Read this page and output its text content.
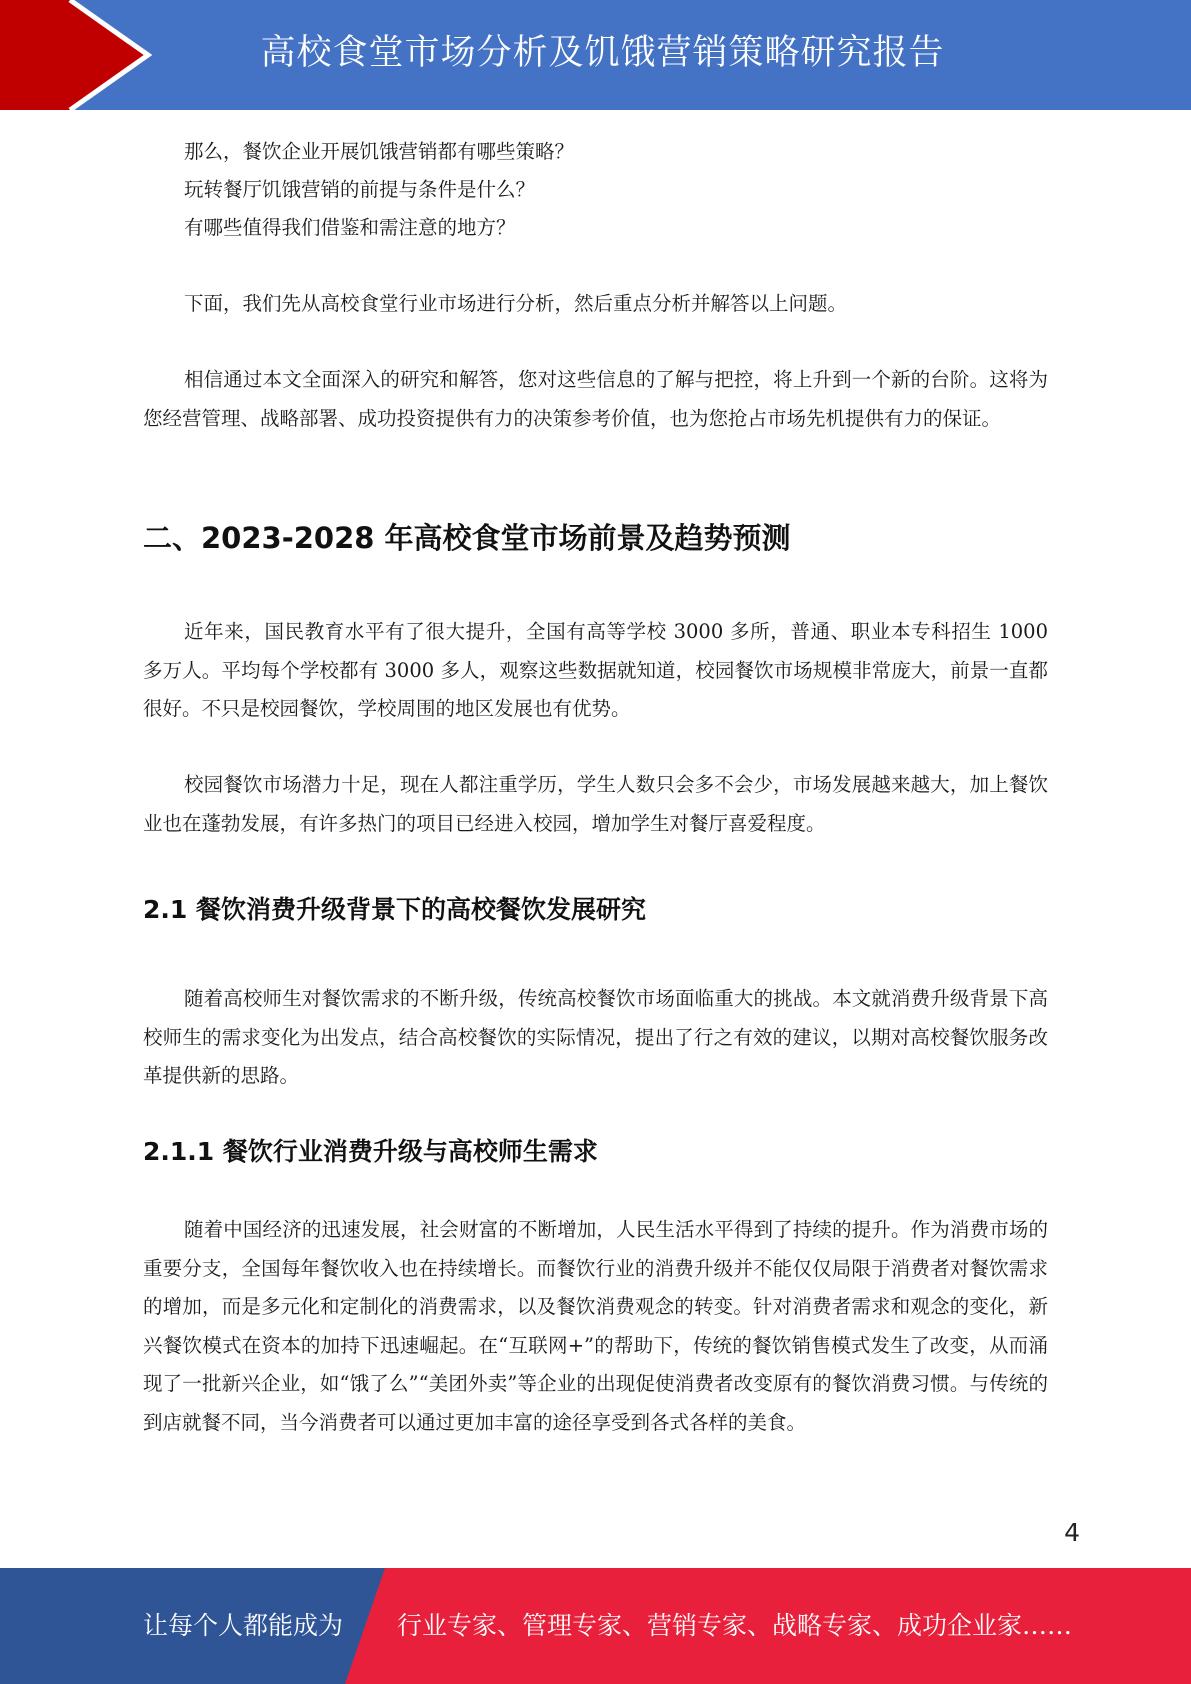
高校食堂市场分析及饥饿营销策略研究报告

那么，餐饮企业开展饥饿营销都有哪些策略？

玩转餐厅饥饿营销的前提与条件是什么？

有哪些值得我们借鉴和需注意的地方？

下面，我们先从高校食堂行业市场进行分析，然后重点分析并解答以上问题。

相信通过本文全面深入的研究和解答，您对这些信息的了解与把控，将上升到一个新的台阶。这将为您经营管理、战略部署、成功投资提供有力的决策参考价值，也为您抢占市场先机提供有力的保证。

二、2023-2028 年高校食堂市场前景及趋势预测

近年来，国民教育水平有了很大提升，全国有高等学校 3000 多所，普通、职业本专科招生 1000 多万人。平均每个学校都有 3000 多人，观察这些数据就知道，校园餐饮市场规模非常庞大，前景一直都很好。不只是校园餐饮，学校周围的地区发展也有优势。

校园餐饮市场潜力十足，现在人都注重学历，学生人数只会多不会少，市场发展越来越大，加上餐饮业也在蓬勃发展，有许多热门的项目已经进入校园，增加学生对餐厅喜爱程度。

2.1 餐饮消费升级背景下的高校餐饮发展研究

随着高校师生对餐饮需求的不断升级，传统高校餐饮市场面临重大的挑战。本文就消费升级背景下高校师生的需求变化为出发点，结合高校餐饮的实际情况，提出了行之有效的建议，以期对高校餐饮服务改革提供新的思路。

2.1.1 餐饮行业消费升级与高校师生需求

随着中国经济的迅速发展，社会财富的不断增加，人民生活水平得到了持续的提升。作为消费市场的重要分支，全国每年餐饮收入也在持续增长。而餐饮行业的消费升级并不能仅仅局限于消费者对餐饮需求的增加，而是多元化和定制化的消费需求，以及餐饮消费观念的转变。针对消费者需求和观念的变化，新兴餐饮模式在资本的加持下迅速崛起。在“互联网+”的帮助下，传统的餐饮销售模式发生了改变，从而涌现了一批新兴企业，如“饿了么”“美团外卖”等企业的出现促使消费者改变原有的餐饮消费习惯。与传统的到店就餐不同，当今消费者可以通过更加丰富的途径享受到各式各样的美食。

4
让每个人都能成为 行业专家、管理专家、营销专家、战略专家、成功企业家……
